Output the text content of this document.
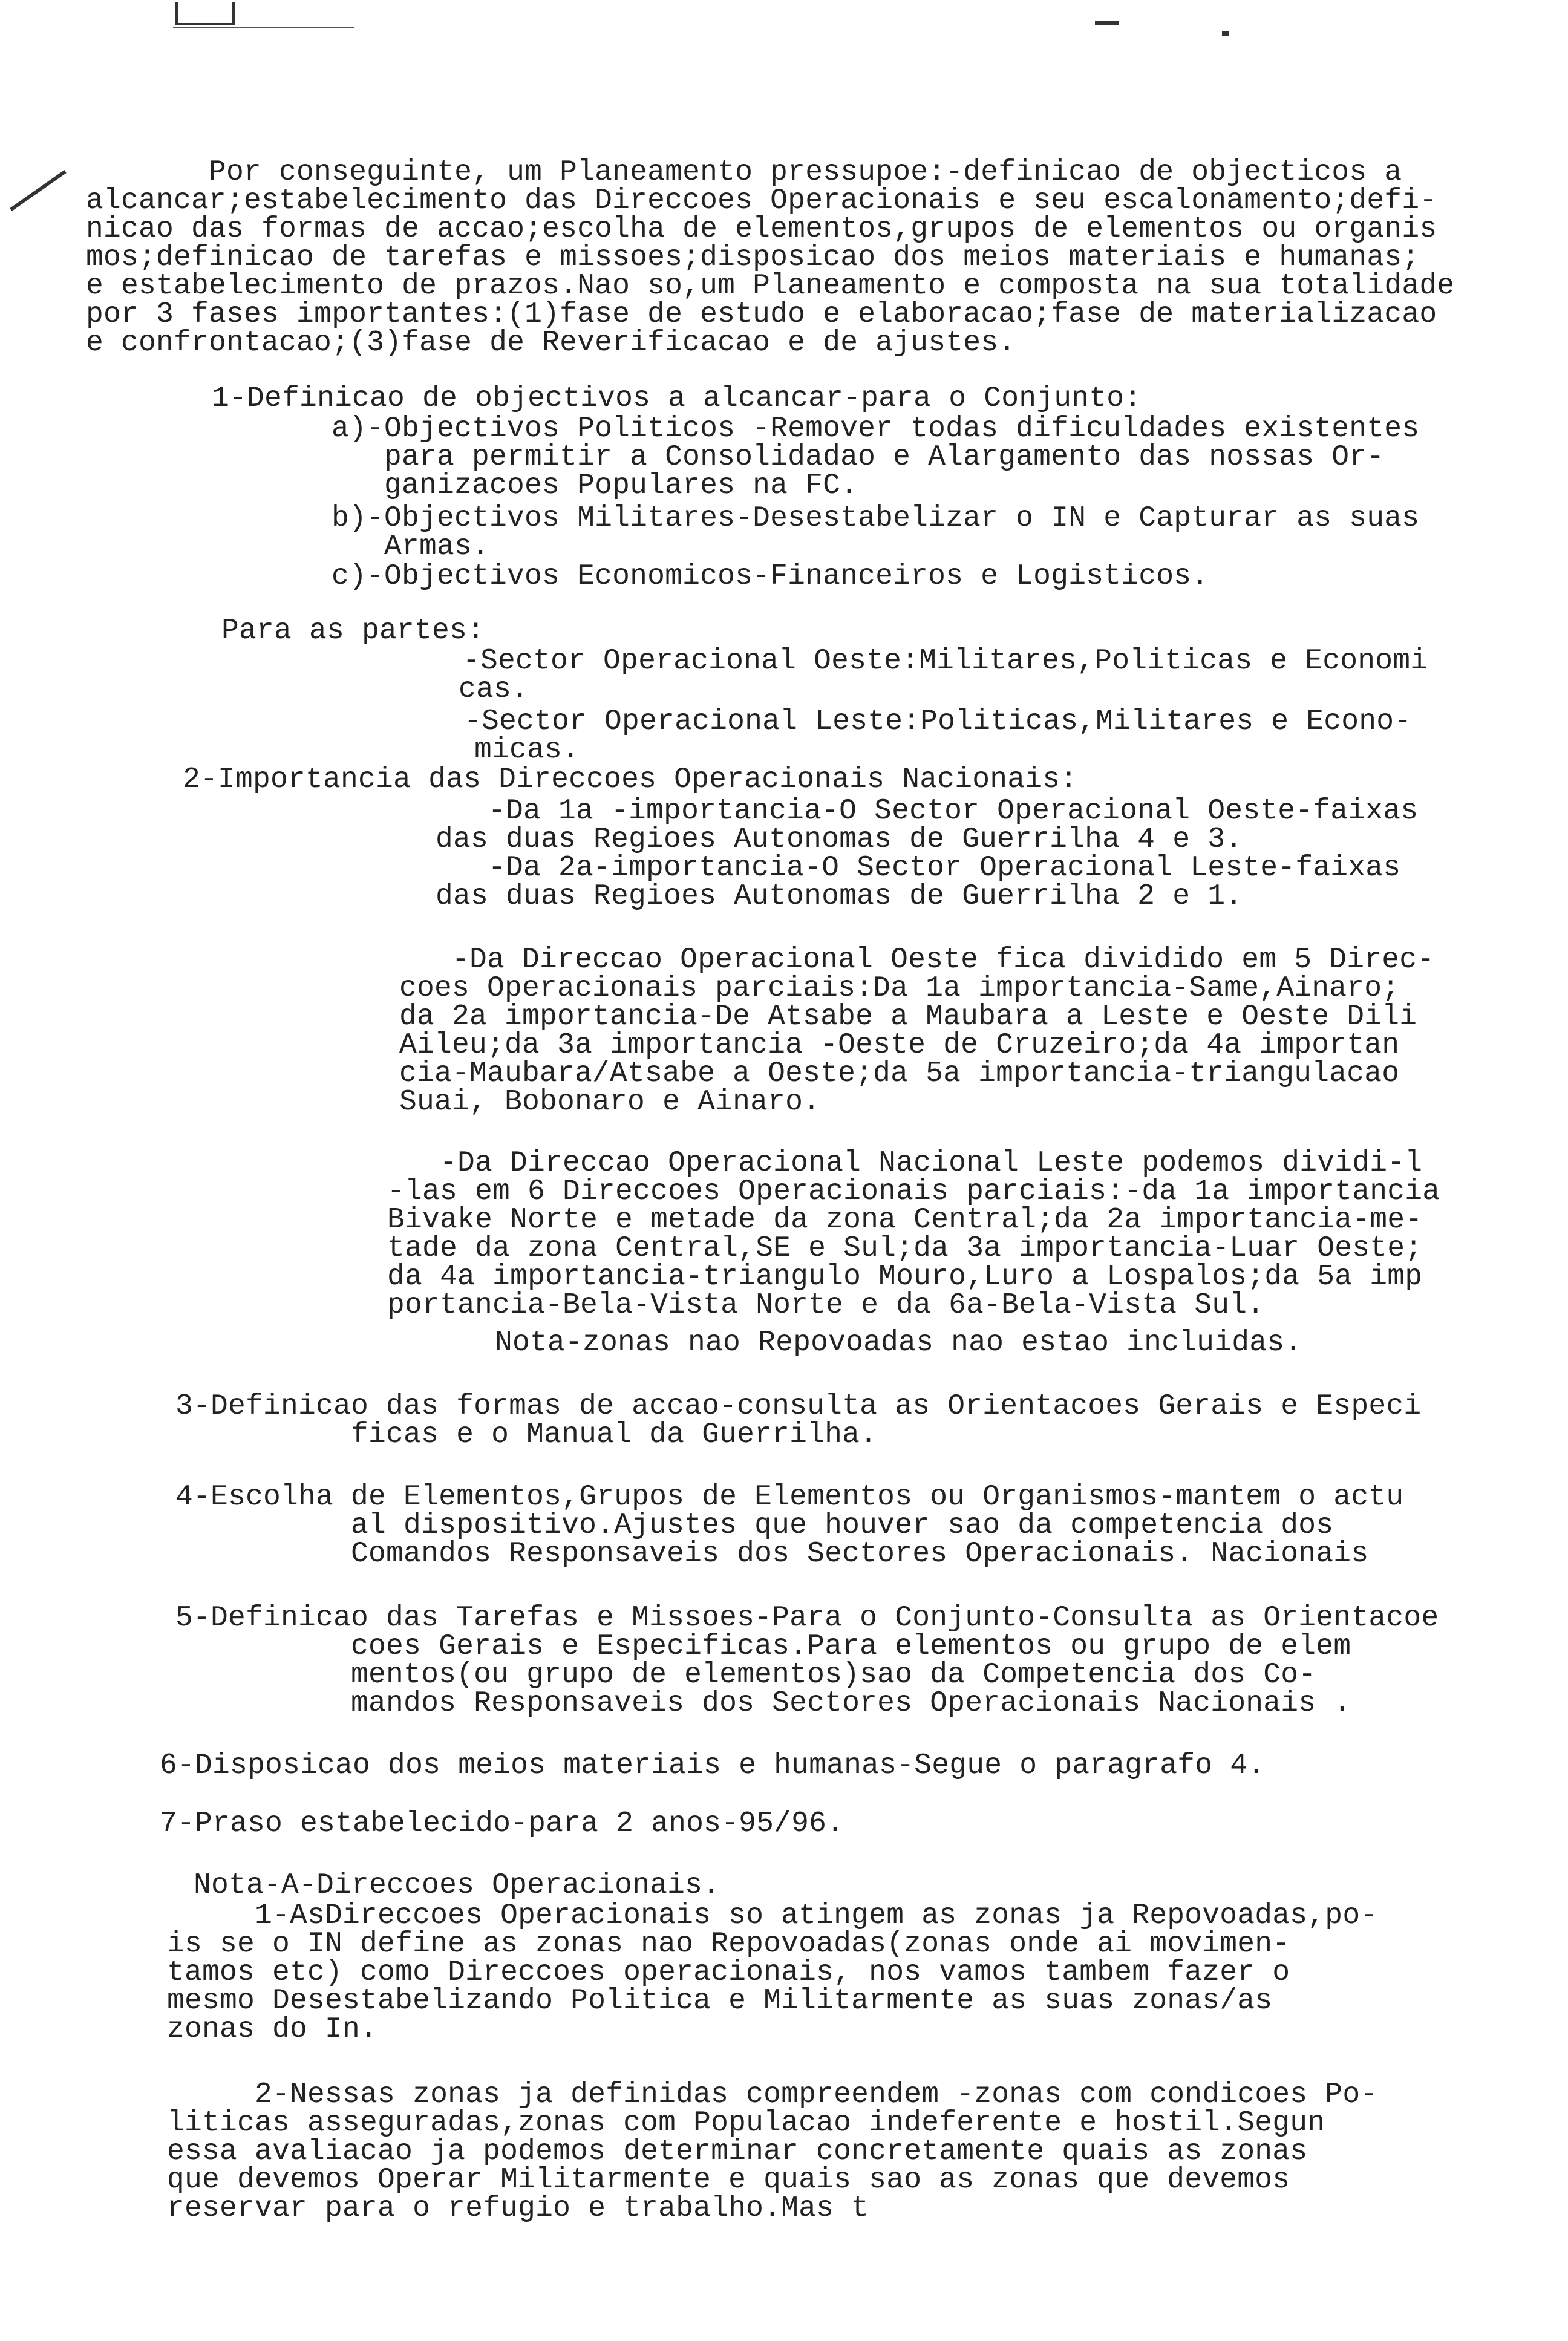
Por conseguinte, um Planeamento pressupoe:-definicao de objecticos a
alcancar;estabelecimento das Direccoes Operacionais e seu escalonamento;defi-
nicao das formas de accao;escolha de elementos,grupos de elementos ou organis
mos;definicao de tarefas e missoes;disposicao dos meios materiais e humanas;
e estabelecimento de prazos.Nao so,um Planeamento e composta na sua totalidade
por 3 fases importantes:(1)fase de estudo e elaboracao;fase de materializacao
e confrontacao;(3)fase de Reverificacao e de ajustes.
1-Definicao de objectivos a alcancar-para o Conjunto:
a)-Objectivos Politicos -Remover todas dificuldades existentes
para permitir a Consolidadao e Alargamento das nossas Or-
ganizacoes Populares na FC.
b)-Objectivos Militares-Desestabelizar o IN e Capturar as suas
Armas.
c)-Objectivos Economicos-Financeiros e Logisticos.
Para as partes:
-Sector Operacional Oeste:Militares,Politicas e Economi
cas.
-Sector Operacional Leste:Politicas,Militares e Econo-
micas.
2-Importancia das Direccoes Operacionais Nacionais:
-Da 1a -importancia-O Sector Operacional Oeste-faixas
das duas Regioes Autonomas de Guerrilha 4 e 3.
-Da 2a-importancia-O Sector Operacional Leste-faixas
das duas Regioes Autonomas de Guerrilha 2 e 1.
-Da Direccao Operacional Oeste fica dividido em 5 Direc-
coes Operacionais parciais:Da 1a importancia-Same,Ainaro;
da 2a importancia-De Atsabe a Maubara a Leste e Oeste Dili
Aileu;da 3a importancia -Oeste de Cruzeiro;da 4a importan
cia-Maubara/Atsabe a Oeste;da 5a importancia-triangulacao
Suai, Bobonaro e Ainaro.
-Da Direccao Operacional Nacional Leste podemos dividi-l
-las em 6 Direccoes Operacionais parciais:-da 1a importancia
Bivake Norte e metade da zona Central;da 2a importancia-me-
tade da zona Central,SE e Sul;da 3a importancia-Luar Oeste;
da 4a importancia-triangulo Mouro,Luro a Lospalos;da 5a imp
portancia-Bela-Vista Norte e da 6a-Bela-Vista Sul.
Nota-zonas nao Repovoadas nao estao incluidas.
3-Definicao das formas de accao-consulta as Orientacoes Gerais e Especi
ficas e o Manual da Guerrilha.
4-Escolha de Elementos,Grupos de Elementos ou Organismos-mantem o actu
al dispositivo.Ajustes que houver sao da competencia dos
Comandos Responsaveis dos Sectores Operacionais. Nacionais
5-Definicao das Tarefas e Missoes-Para o Conjunto-Consulta as Orientacoe
coes Gerais e Especificas.Para elementos ou grupo de elem
mentos(ou grupo de elementos)sao da Competencia dos Co-
mandos Responsaveis dos Sectores Operacionais Nacionais .
6-Disposicao dos meios materiais e humanas-Segue o paragrafo 4.
7-Praso estabelecido-para 2 anos-95/96.
Nota-A-Direccoes Operacionais.
1-AsDireccoes Operacionais so atingem as zonas ja Repovoadas,po-
is se o IN define as zonas nao Repovoadas(zonas onde ai movimen-
tamos etc) como Direccoes operacionais, nos vamos tambem fazer o
mesmo Desestabelizando Politica e Militarmente as suas zonas/as
zonas do In.
2-Nessas zonas ja definidas compreendem -zonas com condicoes Po-
liticas asseguradas,zonas com Populacao indeferente e hostil.Segun
essa avaliacao ja podemos determinar concretamente quais as zonas
que devemos Operar Militarmente e quais sao as zonas que devemos
reservar para o refugio e trabalho.Mas t
